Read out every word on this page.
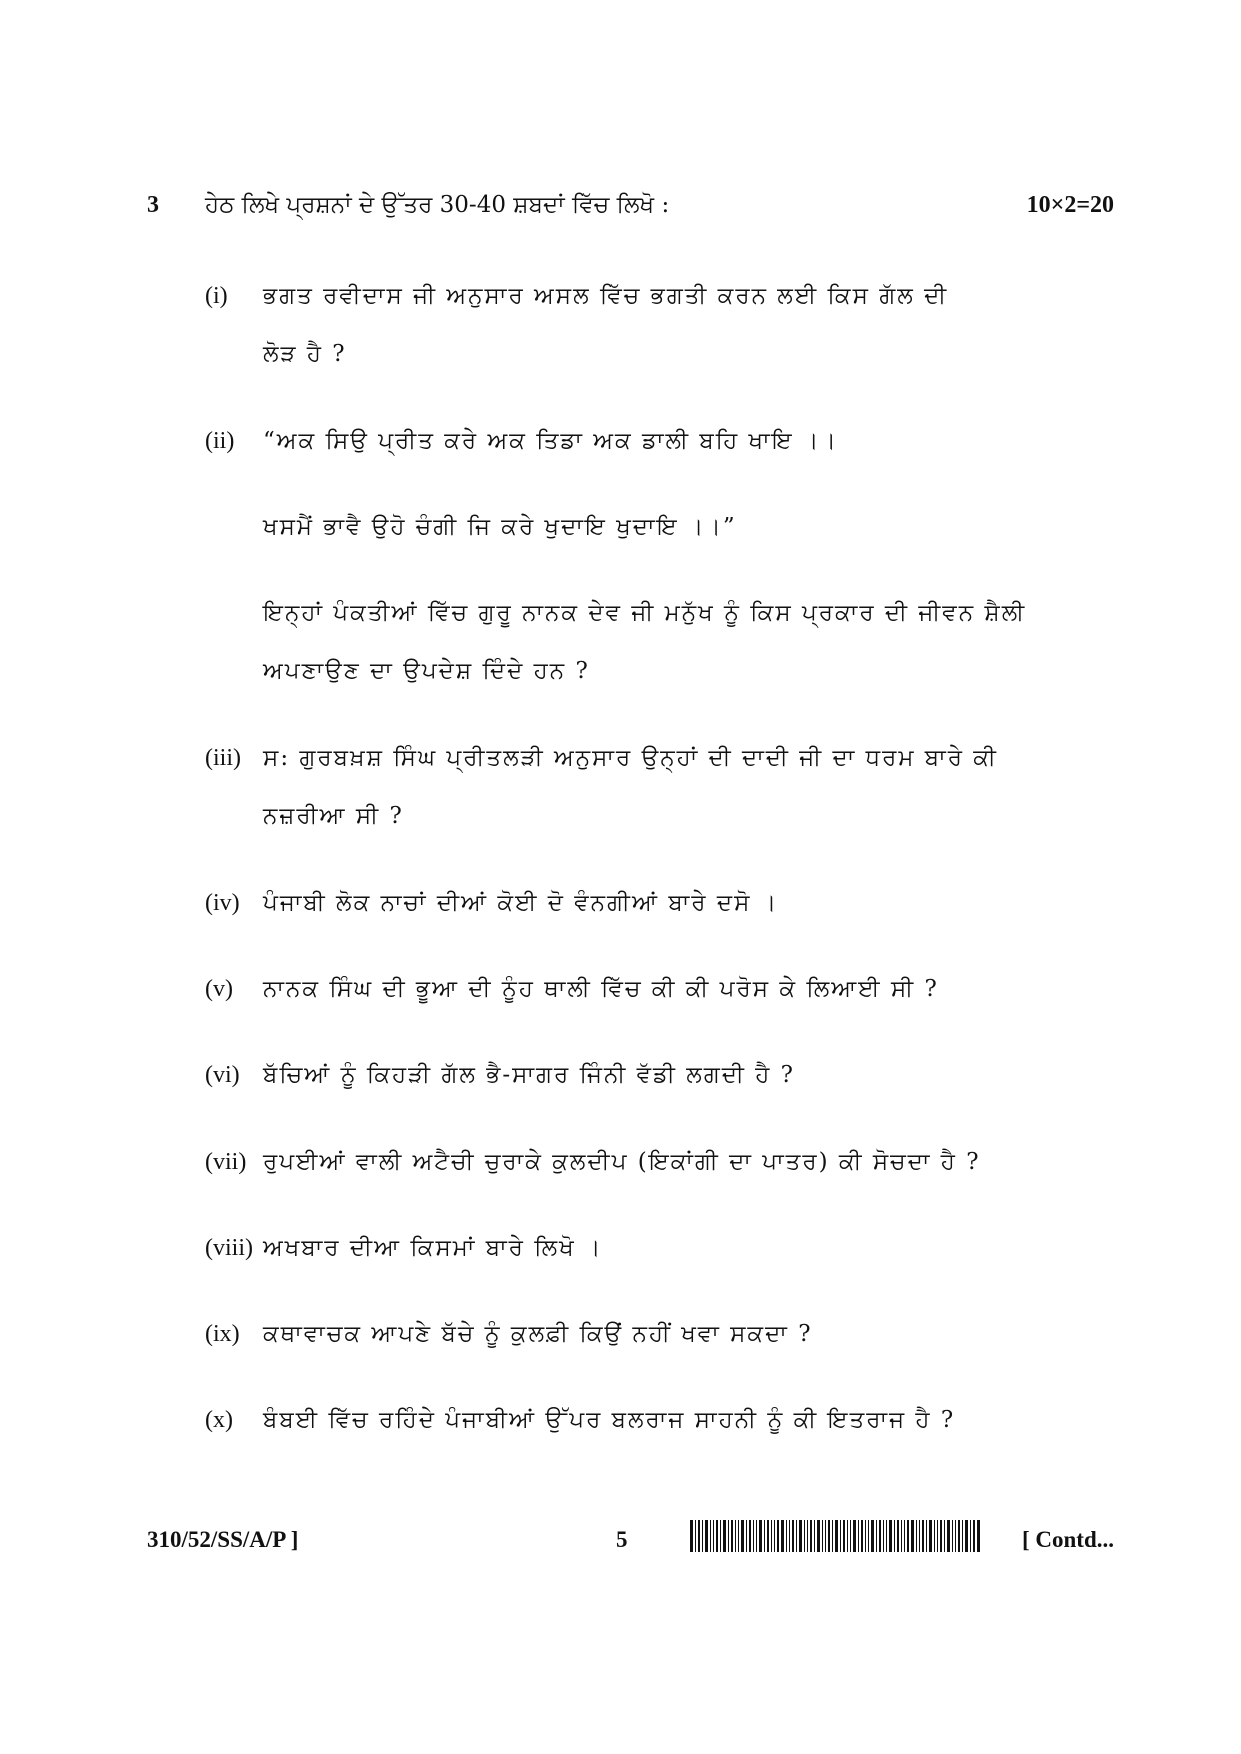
3 ਹੇਠ ਲਿਖੇ ਪ੍ਰਸ਼ਨਾਂ ਦੇ ਉੱਤਰ 30-40 ਸ਼ਬਦਾਂ ਵਿੱਚ ਲਿਖੋ :	10×2=20
(i) ਭਗਤ ਰਵੀਦਾਸ ਜੀ ਅਨੁਸਾਰ ਅਸਲ ਵਿੱਚ ਭਗਤੀ ਕਰਨ ਲਈ ਕਿਸ ਗੱਲ ਦੀ
ਲੋੜ ਹੈ ?
(ii) “ਅਕ ਸਿਉ ਪ੍ਰੀਤ ਕਰੇ ਅਕ ਤਿਡਾ ਅਕ ਡਾਲੀ ਬਹਿ ਖਾਇ ।।
ਖਸਮੈਂ ਭਾਵੈ ਉਹੋ ਚੰਗੀ ਜਿ ਕਰੇ ਖੁਦਾਇ ਖੁਦਾਇ ।।”
ਇਨ੍ਹਾਂ ਪੰਕਤੀਆਂ ਵਿੱਚ ਗੁਰੂ ਨਾਨਕ ਦੇਵ ਜੀ ਮਨੁੱਖ ਨੂੰ ਕਿਸ ਪ੍ਰਕਾਰ ਦੀ ਜੀਵਨ ਸ਼ੈਲੀ
ਅਪਣਾਉਣ ਦਾ ਉਪਦੇਸ਼ ਦਿੰਦੇ ਹਨ ?
(iii) ਸ: ਗੁਰਬਖ਼ਸ਼ ਸਿੰਘ ਪ੍ਰੀਤਲੜੀ ਅਨੁਸਾਰ ਉਨ੍ਹਾਂ ਦੀ ਦਾਦੀ ਜੀ ਦਾ ਧਰਮ ਬਾਰੇ ਕੀ
ਨਜ਼ਰੀਆ ਸੀ ?
(iv) ਪੰਜਾਬੀ ਲੋਕ ਨਾਚਾਂ ਦੀਆਂ ਕੋਈ ਦੋ ਵੰਨਗੀਆਂ ਬਾਰੇ ਦਸੋ ।
(v) ਨਾਨਕ ਸਿੰਘ ਦੀ ਭੂਆ ਦੀ ਨੂੰਹ ਥਾਲੀ ਵਿੱਚ ਕੀ ਕੀ ਪਰੋਸ ਕੇ ਲਿਆਈ ਸੀ ?
(vi) ਬੱਚਿਆਂ ਨੂੰ ਕਿਹੜੀ ਗੱਲ ਭੈ-ਸਾਗਰ ਜਿੰਨੀ ਵੱਡੀ ਲਗਦੀ ਹੈ ?
(vii) ਰੁਪਈਆਂ ਵਾਲੀ ਅਟੈਚੀ ਚੁਰਾਕੇ ਕੁਲਦੀਪ (ਇਕਾਂਗੀ ਦਾ ਪਾਤਰ) ਕੀ ਸੋਚਦਾ ਹੈ ?
(viii) ਅਖਬਾਰ ਦੀਆ ਕਿਸਮਾਂ ਬਾਰੇ ਲਿਖੋ ।
(ix) ਕਥਾਵਾਚਕ ਆਪਣੇ ਬੱਚੇ ਨੂੰ ਕੁਲਫ਼ੀ ਕਿਉਂ ਨਹੀਂ ਖਵਾ ਸਕਦਾ ?
(x) ਬੰਬਈ ਵਿੱਚ ਰਹਿੰਦੇ ਪੰਜਾਬੀਆਂ ਉੱਪਰ ਬਲਰਾਜ ਸਾਹਨੀ ਨੂੰ ਕੀ ਇਤਰਾਜ ਹੈ ?
310/52/SS/A/P ]	5	[ Contd...
